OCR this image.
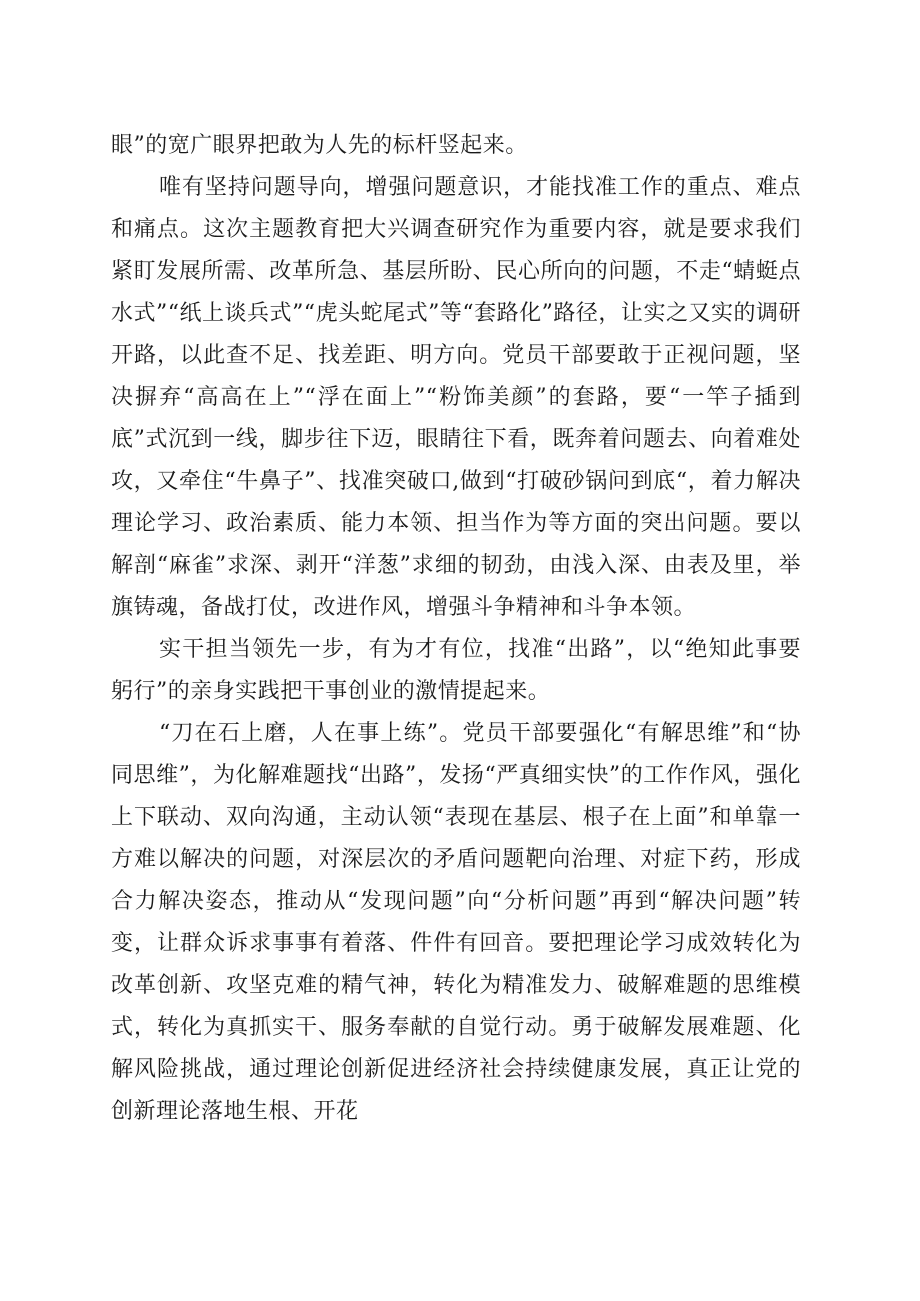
眼”的宽广眼界把敢为人先的标杆竖起来。

唯有坚持问题导向，增强问题意识，才能找准工作的重点、难点和痛点。这次主题教育把大兴调查研究作为重要内容，就是要求我们紧盯发展所需、改革所急、基层所盼、民心所向的问题，不走“蜻蜓点水式”“纸上谈兵式”“虎头蛇尾式”等“套路化”路径，让实之又实的调研开路，以此查不足、找差距、明方向。党员干部要敢于正视问题，坚决摒弃“高高在上”“浮在面上”“粉饰美颜”的套路，要“一竿子插到底”式沉到一线，脚步往下迈，眼睛往下看，既奔着问题去、向着难处攻，又牵住“牛鼻子”、找准突破口,做到“打破砂锅问到底“，着力解决理论学习、政治素质、能力本领、担当作为等方面的突出问题。要以解剖“麻雀”求深、剥开“洋葱”求细的韧劲，由浅入深、由表及里，举旗铸魂，备战打仗，改进作风，增强斗争精神和斗争本领。

实干担当领先一步，有为才有位，找准“出路”，以“绝知此事要躬行”的亲身实践把干事创业的激情提起来。

“刀在石上磨，人在事上练”。党员干部要强化“有解思维”和“协同思维”，为化解难题找“出路”，发扬“严真细实快”的工作作风，强化上下联动、双向沟通，主动认领“表现在基层、根子在上面”和单靠一方难以解决的问题，对深层次的矛盾问题靶向治理、对症下药，形成合力解决姿态，推动从“发现问题”向“分析问题”再到“解决问题”转变，让群众诉求事事有着落、件件有回音。要把理论学习成效转化为改革创新、攻坚克难的精气神，转化为精准发力、破解难题的思维模式，转化为真抓实干、服务奉献的自觉行动。勇于破解发展难题、化解风险挑战，通过理论创新促进经济社会持续健康发展，真正让党的创新理论落地生根、开花
